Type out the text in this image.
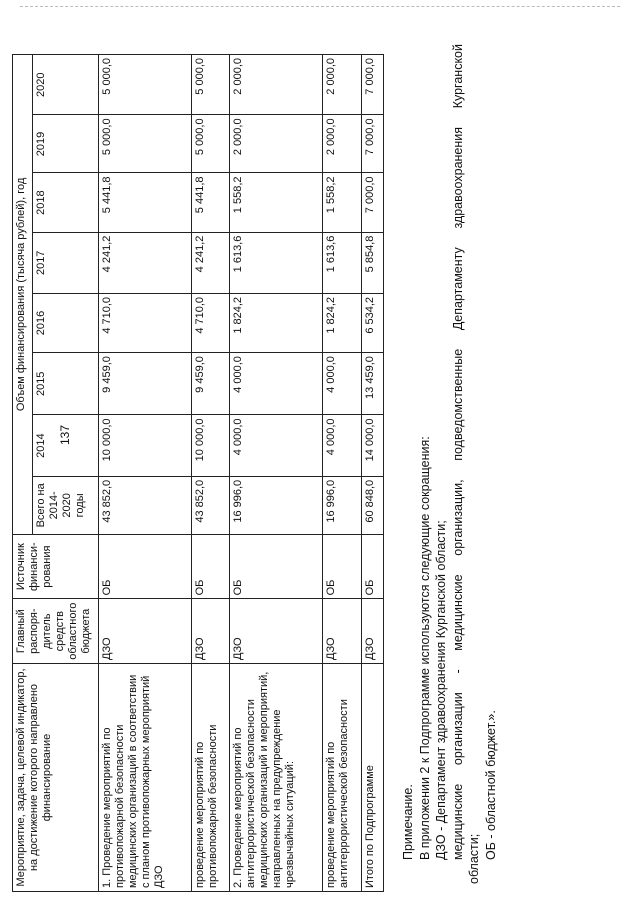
137
Мероприятие, задача, целевой индикатор, на достижение которого направлено финансирование	Главный распоря-дитель средств областного бюджета	Источник финанси-рования	Объем финансирования (тысяча рублей), год							
			Всего на 2014-2020 годы	2014	2015	2016	2017	2018	2019	2020
1. Проведение мероприятий по противопожарной безопасности медицинских организаций в соответствии с планом противопожарных мероприятий ДЗО	ДЗО	ОБ	43 852,0	10 000,0	9 459,0	4 710,0	4 241,2	5 441,8	5 000,0	5 000,0
проведение мероприятий по противопожарной безопасности	ДЗО	ОБ	43 852,0	10 000,0	9 459,0	4 710,0	4 241,2	5 441,8	5 000,0	5 000,0
2. Проведение мероприятий по антитеррористической безопасности медицинских организаций и мероприятий, направленных на предупреждение чрезвычайных ситуаций:	ДЗО	ОБ	16 996,0	4 000,0	4 000,0	1 824,2	1 613,6	1 558,2	2 000,0	2 000,0
проведение мероприятий по антитеррористической безопасности	ДЗО	ОБ	16 996,0	4 000,0	4 000,0	1 824,2	1 613,6	1 558,2	2 000,0	2 000,0
Итого по Подпрограмме	ДЗО	ОБ	60 848,0	14 000,0	13 459,0	6 534,2	5 854,8	7 000,0	7 000,0	7 000,0

Примечание. В приложении 2 к Подпрограмме используются следующие сокращения: ДЗО - Департамент здравоохранения Курганской области; медицинские организации - медицинские организации, подведомственные Департаменту здравоохранения Курганской области; ОБ - областной бюджет.».
